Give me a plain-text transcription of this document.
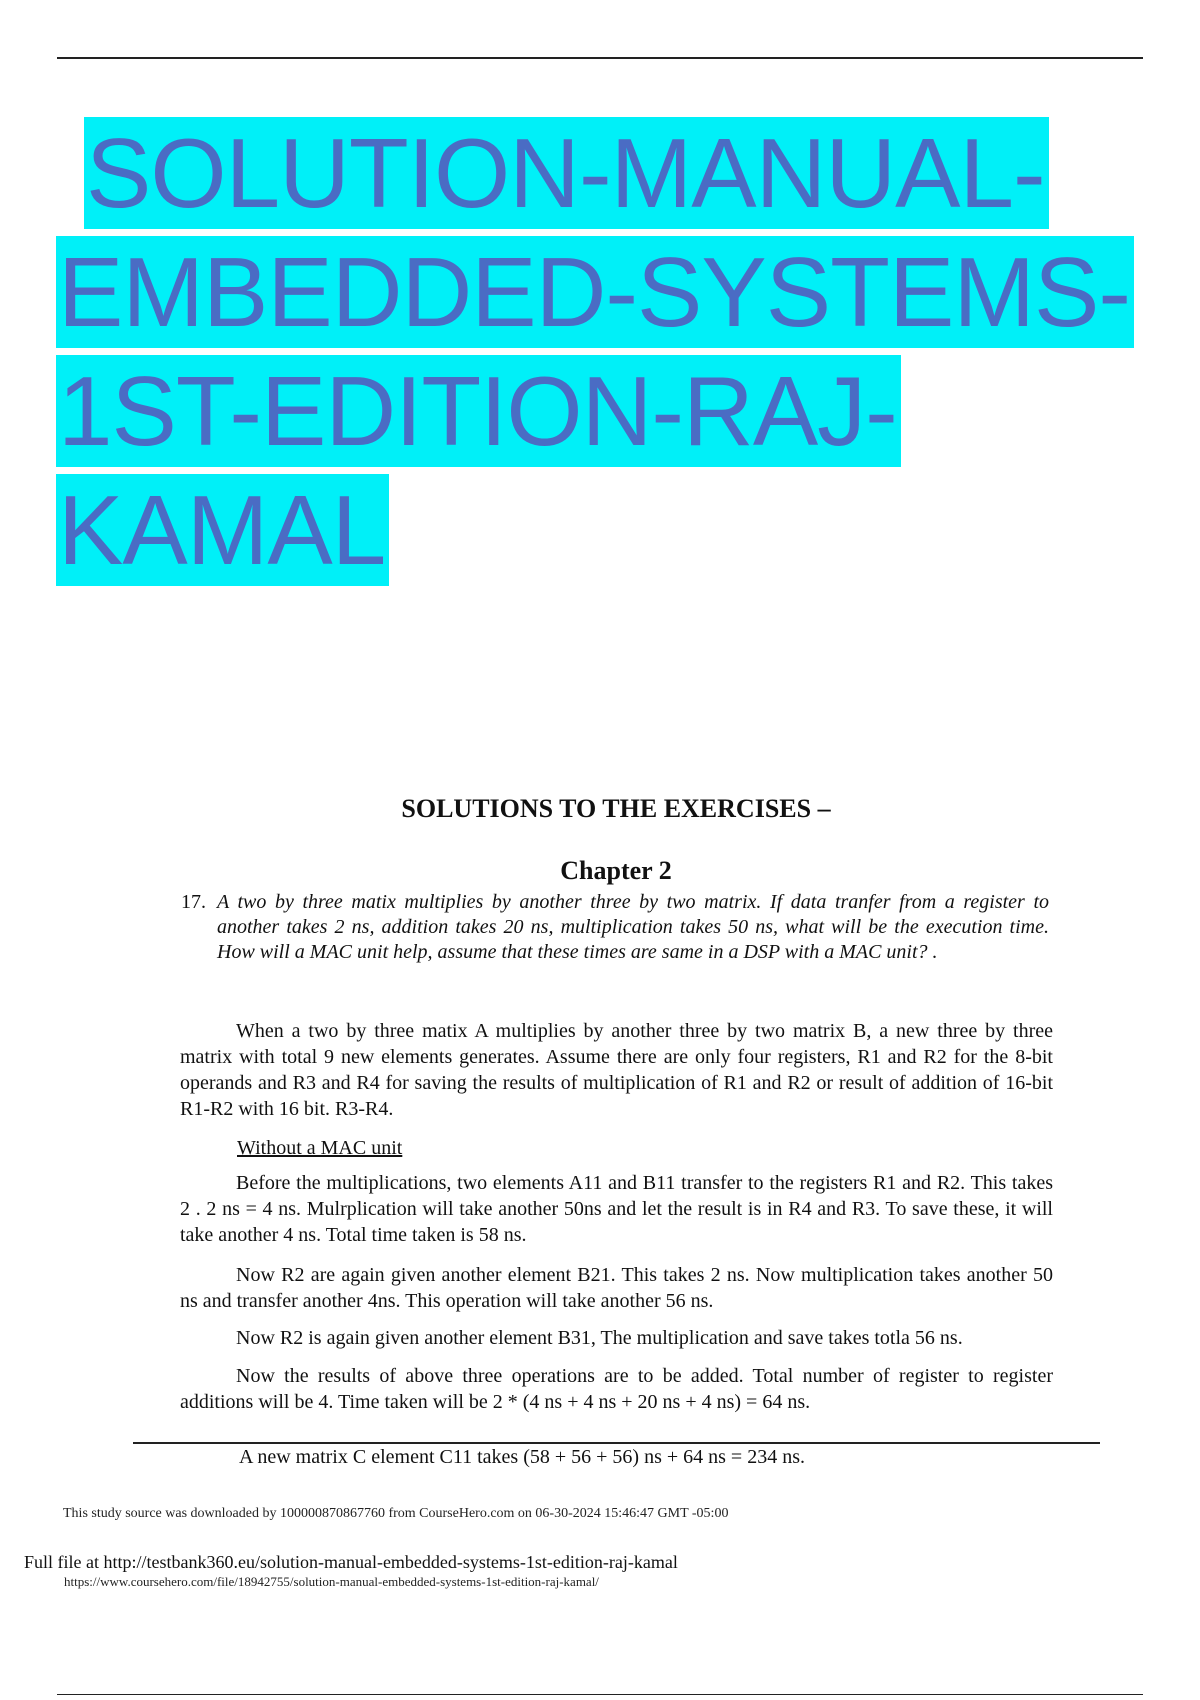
SOLUTION-MANUAL-
EMBEDDED-SYSTEMS-
1ST-EDITION-RAJ-
KAMAL
SOLUTIONS TO THE EXERCISES –
Chapter 2
17. A two by three matix multiplies by another three by two matrix. If data tranfer from a register to another takes 2 ns, addition takes 20 ns, multiplication takes 50 ns, what will be the execution time. How will a MAC unit help, assume that these times are same in a DSP with a MAC unit? .
When a two by three matix A multiplies by another three by two matrix B, a new three by three matrix with total 9 new elements generates. Assume there are only four registers, R1 and R2 for the 8-bit operands and R3 and R4 for saving the results of multiplication of R1 and R2 or result of addition of 16-bit R1-R2 with 16 bit. R3-R4.
Without a MAC unit
Before the multiplications, two elements A11 and B11 transfer to the registers R1 and R2. This takes 2 . 2 ns = 4 ns. Mulrplication will take another 50ns and let the result is in R4 and R3. To save these, it will take another 4 ns. Total time taken is 58 ns.
Now R2 are again given another element B21. This takes 2 ns. Now multiplication takes another 50 ns and transfer another 4ns. This operation will take another 56 ns.
Now R2 is again given another element B31, The multiplication and save takes totla 56 ns.
Now the results of above three operations are to be added. Total number of register to register additions will be 4. Time taken will be 2 * (4 ns + 4 ns + 20 ns + 4 ns) = 64 ns.
A new matrix C element C11 takes (58 + 56 + 56) ns + 64 ns = 234 ns.
This study source was downloaded by 100000870867760 from CourseHero.com on 06-30-2024 15:46:47 GMT -05:00
Full file at http://testbank360.eu/solution-manual-embedded-systems-1st-edition-raj-kamal
https://www.coursehero.com/file/18942755/solution-manual-embedded-systems-1st-edition-raj-kamal/
